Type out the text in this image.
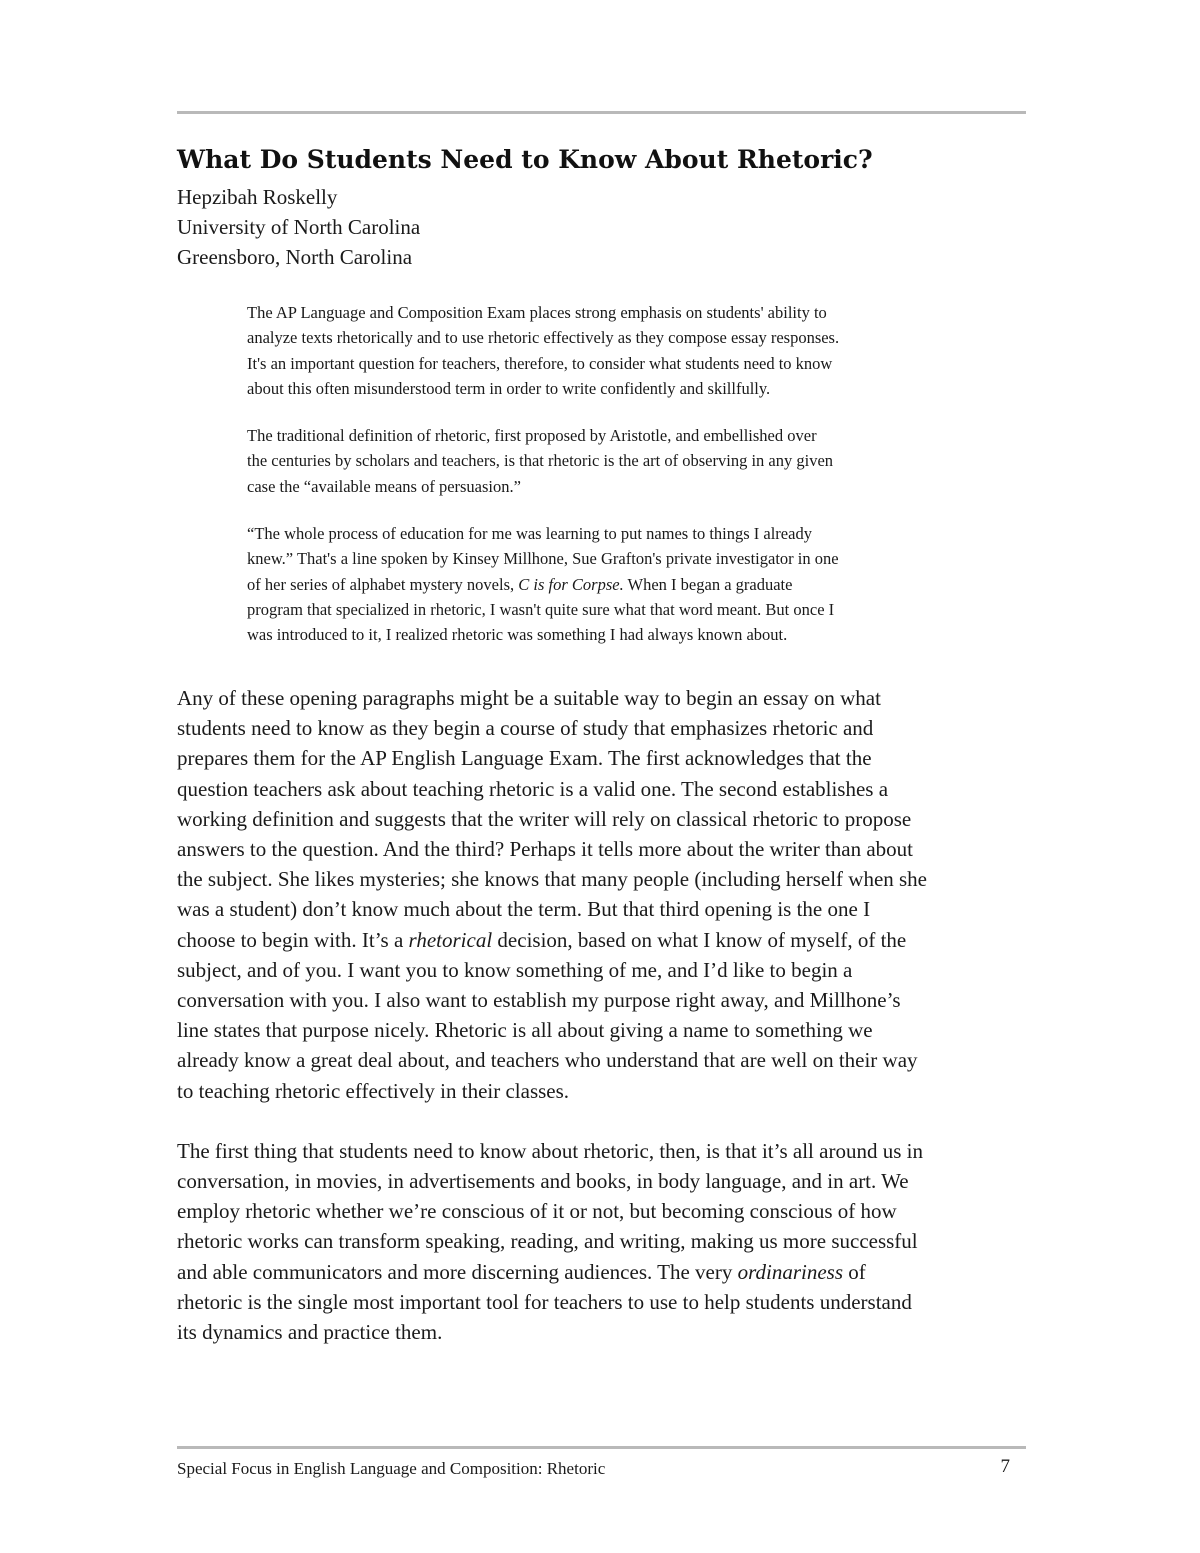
What Do Students Need to Know About Rhetoric?
Hepzibah Roskelly
University of North Carolina
Greensboro, North Carolina

The AP Language and Composition Exam places strong emphasis on students' ability to
analyze texts rhetorically and to use rhetoric effectively as they compose essay responses.
It's an important question for teachers, therefore, to consider what students need to know
about this often misunderstood term in order to write confidently and skillfully.

The traditional definition of rhetoric, first proposed by Aristotle, and embellished over
the centuries by scholars and teachers, is that rhetoric is the art of observing in any given
case the “available means of persuasion.”

“The whole process of education for me was learning to put names to things I already
knew.” That's a line spoken by Kinsey Millhone, Sue Grafton's private investigator in one
of her series of alphabet mystery novels, C is for Corpse. When I began a graduate
program that specialized in rhetoric, I wasn't quite sure what that word meant. But once I
was introduced to it, I realized rhetoric was something I had always known about.

Any of these opening paragraphs might be a suitable way to begin an essay on what
students need to know as they begin a course of study that emphasizes rhetoric and
prepares them for the AP English Language Exam. The first acknowledges that the
question teachers ask about teaching rhetoric is a valid one. The second establishes a
working definition and suggests that the writer will rely on classical rhetoric to propose
answers to the question. And the third? Perhaps it tells more about the writer than about
the subject. She likes mysteries; she knows that many people (including herself when she
was a student) don’t know much about the term. But that third opening is the one I
choose to begin with. It’s a rhetorical decision, based on what I know of myself, of the
subject, and of you. I want you to know something of me, and I’d like to begin a
conversation with you. I also want to establish my purpose right away, and Millhone’s
line states that purpose nicely. Rhetoric is all about giving a name to something we
already know a great deal about, and teachers who understand that are well on their way
to teaching rhetoric effectively in their classes.

The first thing that students need to know about rhetoric, then, is that it’s all around us in
conversation, in movies, in advertisements and books, in body language, and in art. We
employ rhetoric whether we’re conscious of it or not, but becoming conscious of how
rhetoric works can transform speaking, reading, and writing, making us more successful
and able communicators and more discerning audiences. The very ordinariness of
rhetoric is the single most important tool for teachers to use to help students understand
its dynamics and practice them.

Special Focus in English Language and Composition: Rhetoric	7
